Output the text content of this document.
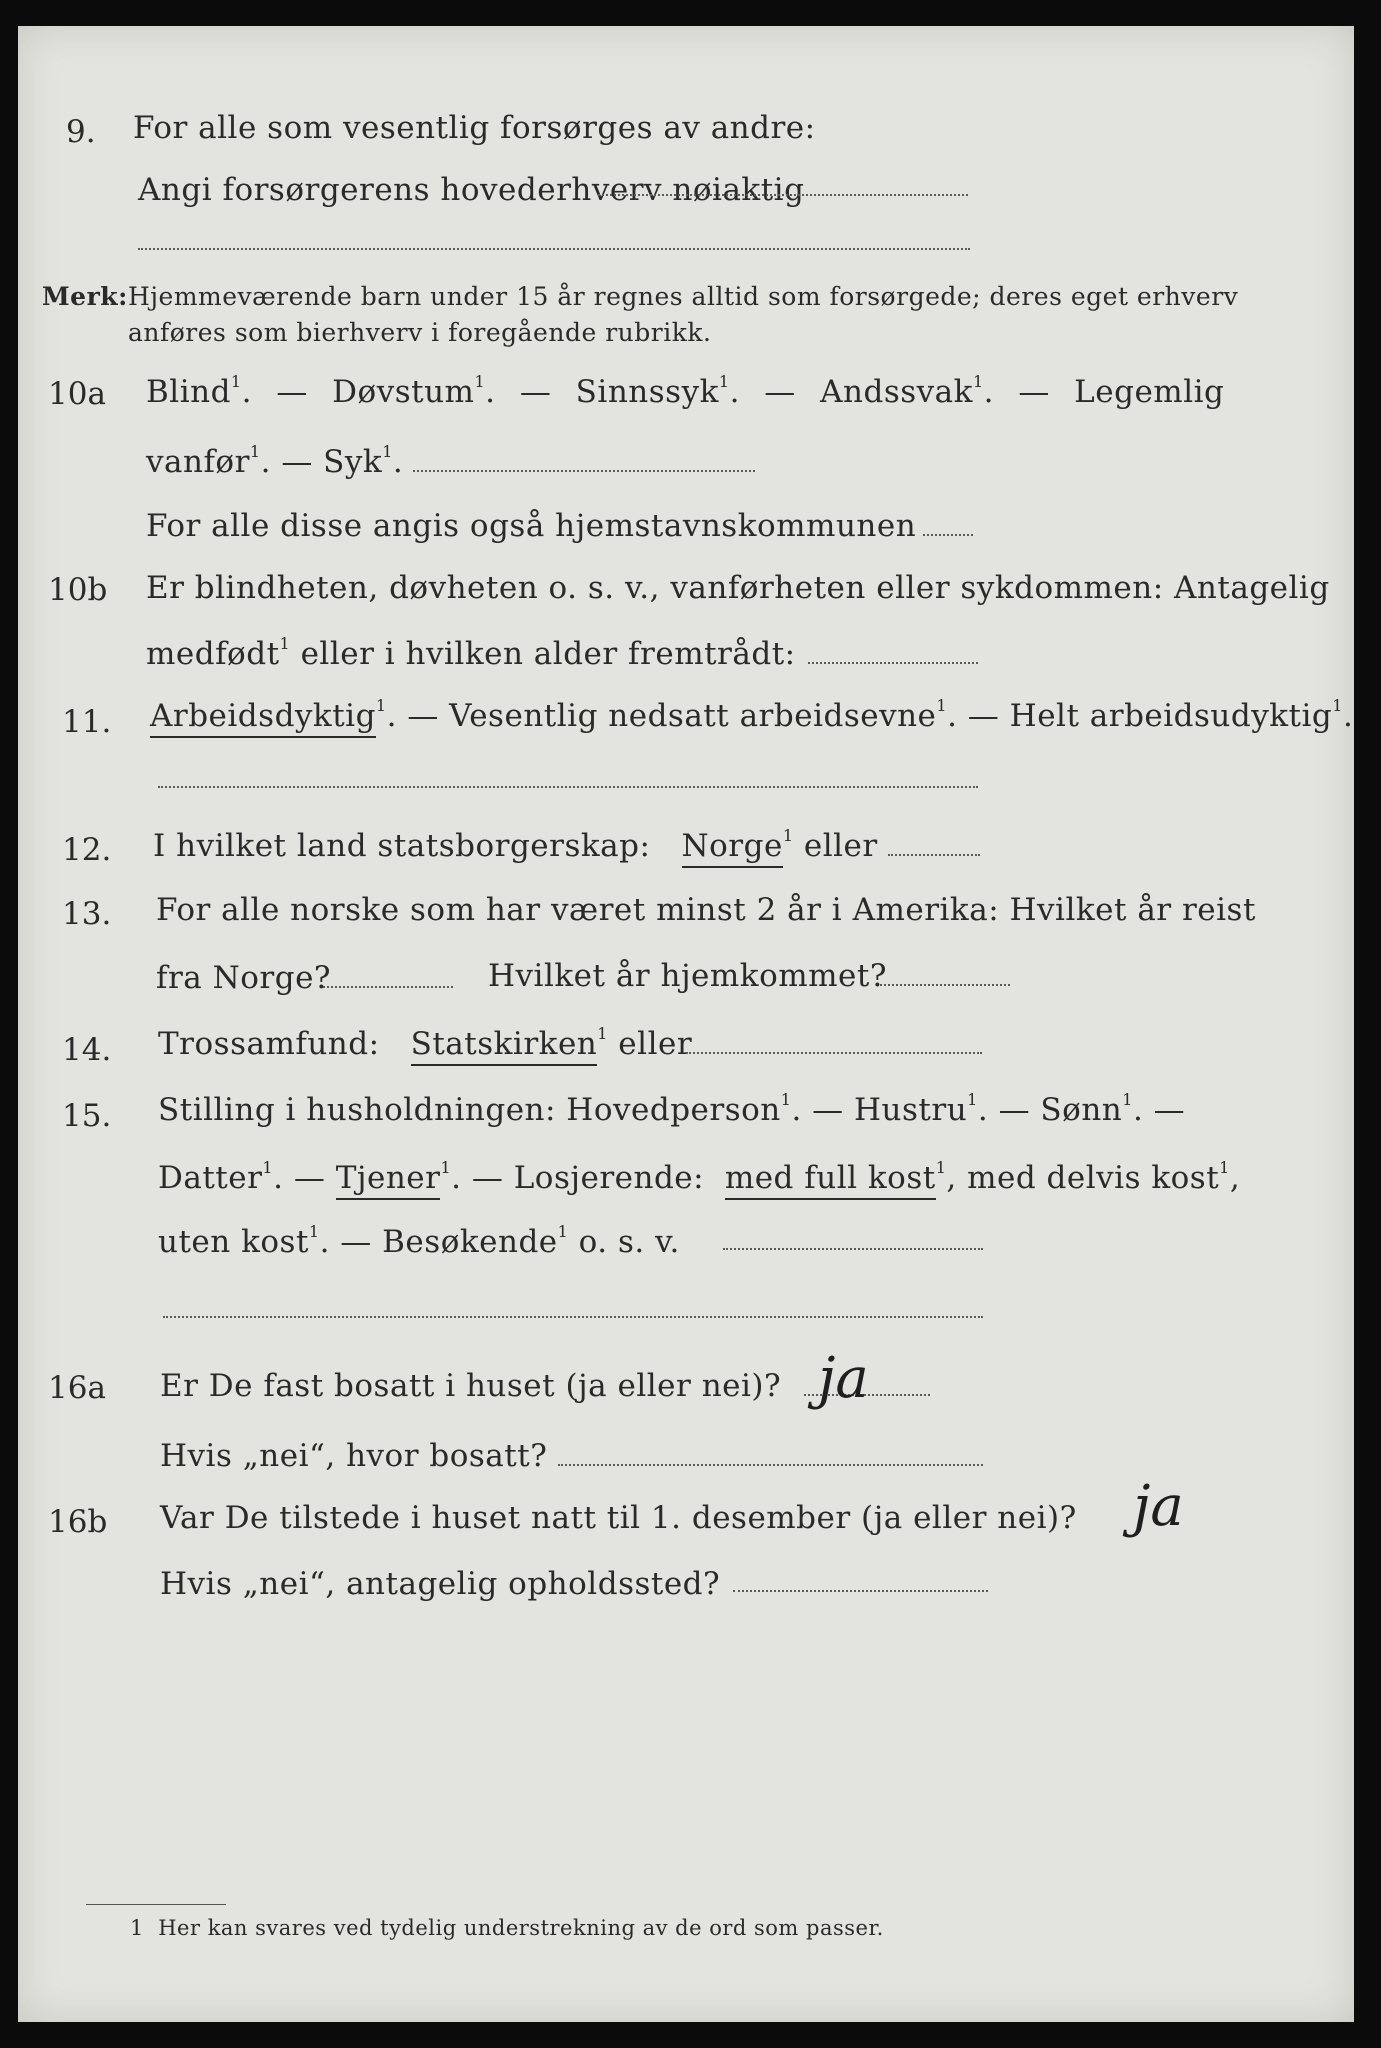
9. For alle som vesentlig forsørges av andre:
Angi forsørgerens hovederhverv nøiaktig
Merk: Hjemmeværende barn under 15 år regnes alltid som forsørgede; deres eget erhverv
anføres som bierhverv i foregående rubrikk.
10a Blind$^1$. — Døvstum$^1$. — Sinnssyk$^1$. — Andssvak$^1$. — Legemlig
vanfør$^1$. — Syk$^1$.
For alle disse angis også hjemstavnskommunen
10b Er blindheten, døvheten o. s. v., vanførheten eller sykdommen: Antagelig
medfødt$^1$ eller i hvilken alder fremtrådt:
11. Arbeidsdyktig$^1$. — Vesentlig nedsatt arbeidsevne$^1$. — Helt arbeidsudyktig$^1$.
12. I hvilket land statsborgerskap: Norge$^1$ eller
13. For alle norske som har været minst 2 år i Amerika: Hvilket år reist
fra Norge?	Hvilket år hjemkommet?
14. Trossamfund: Statskirken$^1$ eller
15. Stilling i husholdningen: Hovedperson$^1$. — Hustru$^1$. — Sønn$^1$. —
Datter$^1$. — Tjener$^1$. — Losjerende: med full kost$^1$, med delvis kost$^1$,
uten kost$^1$. — Besøkende$^1$ o. s. v.
16a Er De fast bosatt i huset (ja eller nei)? ja
Hvis „nei“, hvor bosatt?
16b Var De tilstede i huset natt til 1. desember (ja eller nei)? ja
Hvis „nei“, antagelig opholdssted?
1 Her kan svares ved tydelig understrekning av de ord som passer.
